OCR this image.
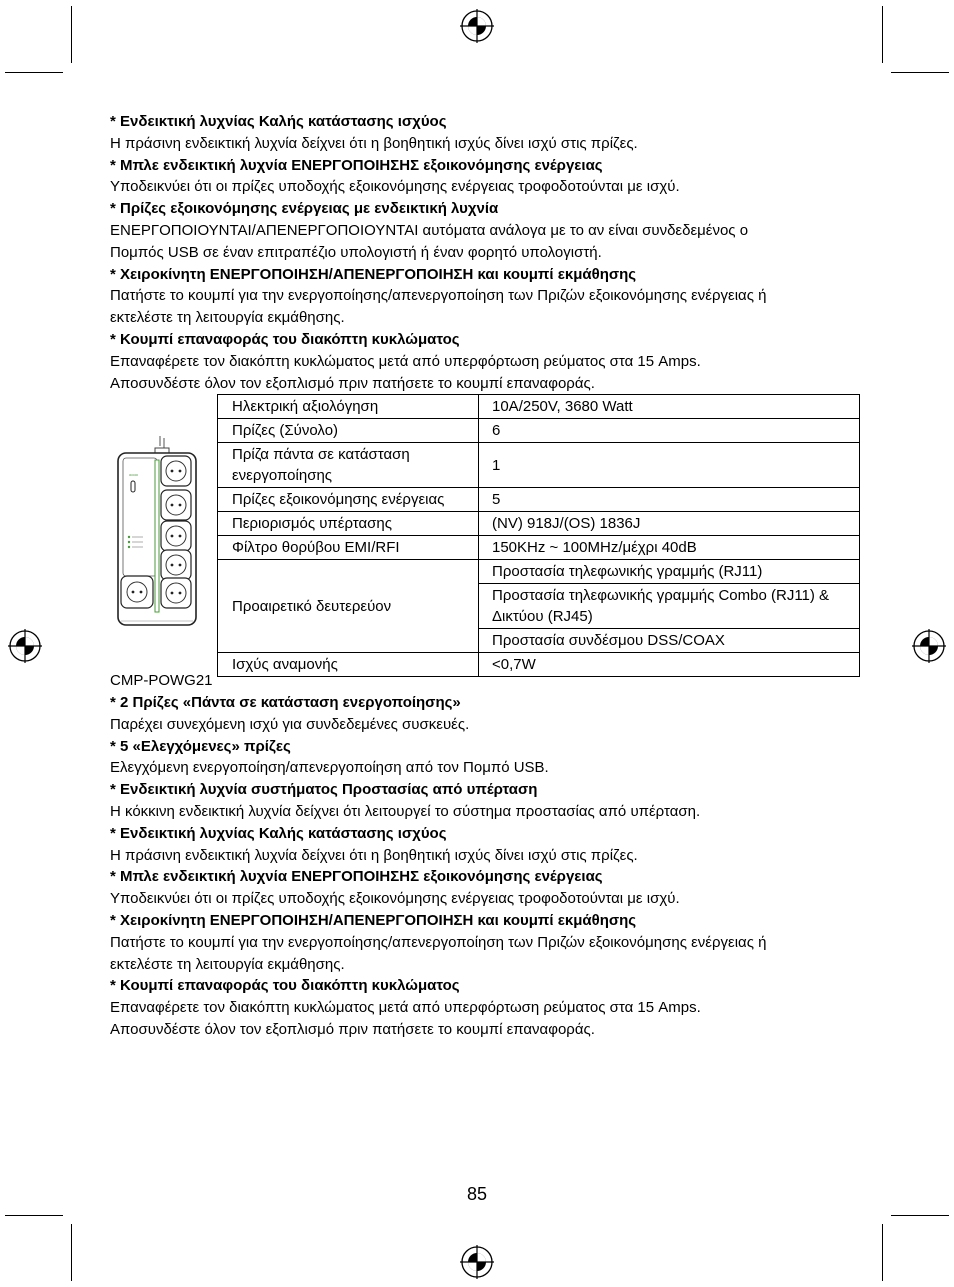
* Ενδεικτική λυχνίας Καλής κατάστασης ισχύος

Η πράσινη ενδεικτική λυχνία δείχνει ότι η βοηθητική ισχύς δίνει ισχύ στις πρίζες.

* Μπλε ενδεικτική λυχνία ΕΝΕΡΓΟΠΟΙΗΣΗΣ εξοικονόμησης ενέργειας

Υποδεικνύει ότι οι πρίζες υποδοχής εξοικονόμησης ενέργειας τροφοδοτούνται με ισχύ.

* Πρίζες εξοικονόμησης ενέργειας με ενδεικτική λυχνία

ΕΝΕΡΓΟΠΟΙΟΥΝΤΑΙ/ΑΠΕΝΕΡΓΟΠΟΙΟΥΝΤΑΙ αυτόματα ανάλογα με το αν είναι συνδεδεμένος ο

Πομπός USB σε έναν επιτραπέζιο υπολογιστή ή έναν φορητό υπολογιστή.

* Χειροκίνητη ΕΝΕΡΓΟΠΟΙΗΣΗ/ΑΠΕΝΕΡΓΟΠΟΙΗΣΗ και κουμπί εκμάθησης

Πατήστε το κουμπί για την ενεργοποίησης/απενεργοποίηση των Πριζών εξοικονόμησης ενέργειας ή

εκτελέστε τη λειτουργία εκμάθησης.

* Κουμπί επαναφοράς του διακόπτη κυκλώματος

Επαναφέρετε τον διακόπτη κυκλώματος μετά από υπερφόρτωση ρεύματος στα 15 Amps.

Αποσυνδέστε όλον τον εξοπλισμό πριν πατήσετε το κουμπί επαναφοράς.

oooo
Ηλεκτρική αξιολόγηση	10A/250V, 3680 Watt
Πρίζες (Σύνολο)	6
Πρίζα πάντα σε κατάσταση ενεργοποίησης	1
Πρίζες εξοικονόμησης ενέργειας	5
Περιορισμός υπέρτασης	(NV) 918J/(OS) 1836J
Φίλτρο θορύβου EMI/RFI	150KHz ~ 100MHz/μέχρι 40dB
Προαιρετικό δευτερεύον	Προστασία τηλεφωνικής γραμμής (RJ11)
	Προστασία τηλεφωνικής γραμμής Combo (RJ11) & Δικτύου (RJ45)
	Προστασία συνδέσμου DSS/COAX
Ισχύς αναμονής	<0,7W
CMP-POWG21

* 2 Πρίζες «Πάντα σε κατάσταση ενεργοποίησης»

Παρέχει συνεχόμενη ισχύ για συνδεδεμένες συσκευές.

* 5 «Ελεγχόμενες» πρίζες

Ελεγχόμενη ενεργοποίηση/απενεργοποίηση από τον Πομπό USB.

* Ενδεικτική λυχνία συστήματος Προστασίας από υπέρταση

Η κόκκινη ενδεικτική λυχνία δείχνει ότι λειτουργεί το σύστημα προστασίας από υπέρταση.

* Ενδεικτική λυχνίας Καλής κατάστασης ισχύος

Η πράσινη ενδεικτική λυχνία δείχνει ότι η βοηθητική ισχύς δίνει ισχύ στις πρίζες.

* Μπλε ενδεικτική λυχνία ΕΝΕΡΓΟΠΟΙΗΣΗΣ εξοικονόμησης ενέργειας

Υποδεικνύει ότι οι πρίζες υποδοχής εξοικονόμησης ενέργειας τροφοδοτούνται με ισχύ.

* Χειροκίνητη ΕΝΕΡΓΟΠΟΙΗΣΗ/ΑΠΕΝΕΡΓΟΠΟΙΗΣΗ και κουμπί εκμάθησης

Πατήστε το κουμπί για την ενεργοποίησης/απενεργοποίηση των Πριζών εξοικονόμησης ενέργειας ή

εκτελέστε τη λειτουργία εκμάθησης.

* Κουμπί επαναφοράς του διακόπτη κυκλώματος

Επαναφέρετε τον διακόπτη κυκλώματος μετά από υπερφόρτωση ρεύματος στα 15 Amps.

Αποσυνδέστε όλον τον εξοπλισμό πριν πατήσετε το κουμπί επαναφοράς.

85
